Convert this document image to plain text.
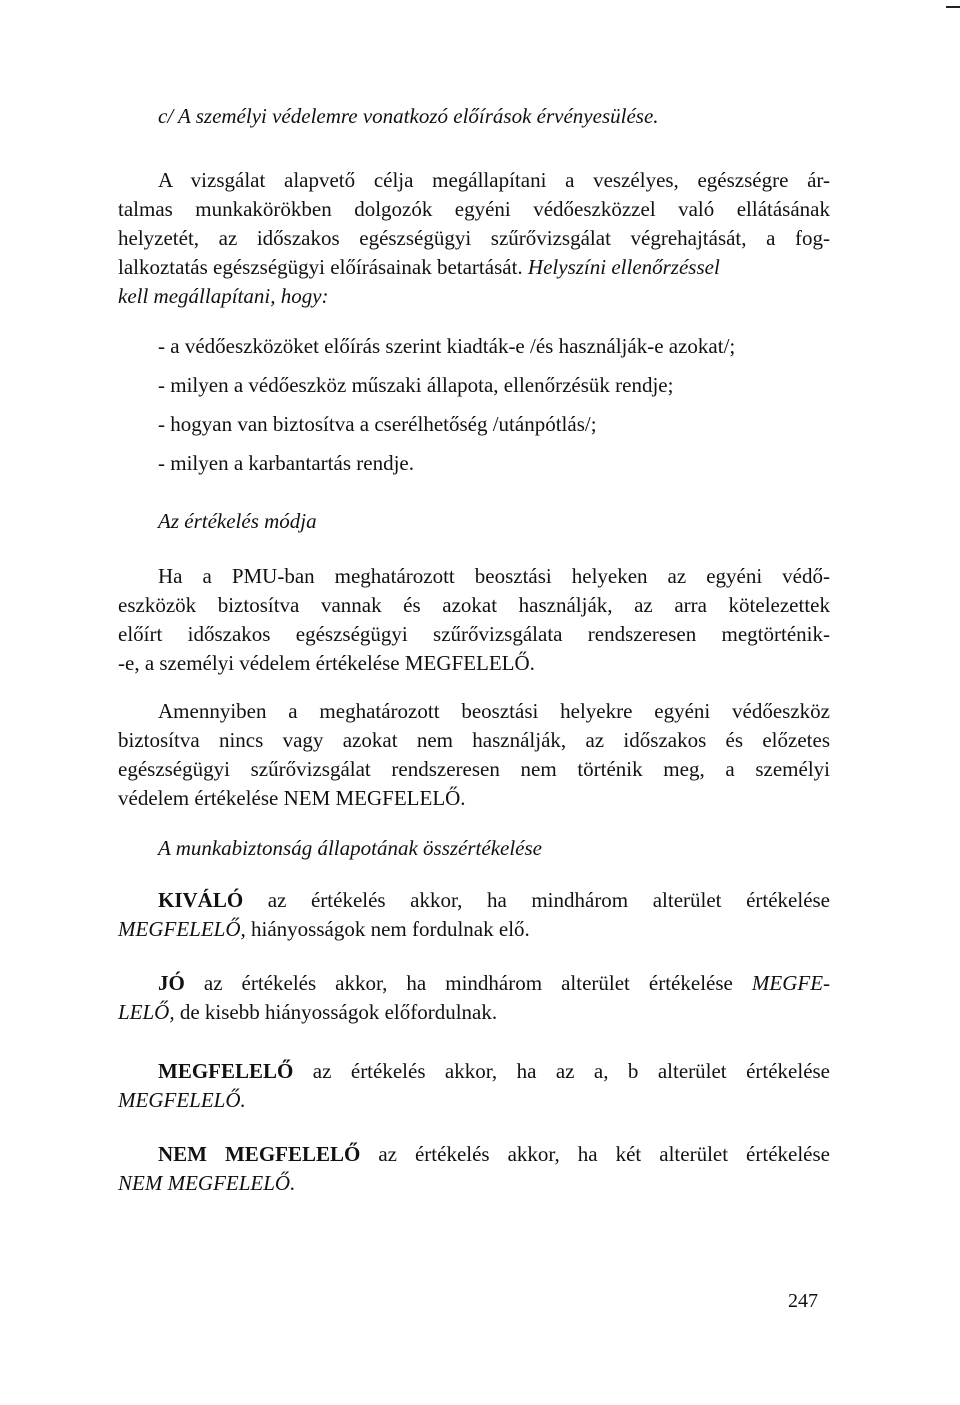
c/ A személyi védelemre vonatkozó előírások érvényesülése.
A vizsgálat alapvető célja megállapítani a veszélyes, egészségre ár-
talmas munkakörökben dolgozók egyéni védőeszközzel való ellátásának
helyzetét, az időszakos egészségügyi szűrővizsgálat végrehajtását, a fog-
lalkoztatás egészségügyi előírásainak betartását. Helyszíni ellenőrzéssel
kell megállapítani, hogy:
- a védőeszközöket előírás szerint kiadták-e /és használják-e azokat/;
- milyen a védőeszköz műszaki állapota, ellenőrzésük rendje;
- hogyan van biztosítva a cserélhetőség /utánpótlás/;
- milyen a karbantartás rendje.
Az értékelés módja
Ha a PMU-ban meghatározott beosztási helyeken az egyéni védő-
eszközök biztosítva vannak és azokat használják, az arra kötelezettek
előírt időszakos egészségügyi szűrővizsgálata rendszeresen megtörténik-
-e, a személyi védelem értékelése MEGFELELŐ.
Amennyiben a meghatározott beosztási helyekre egyéni védőeszköz
biztosítva nincs vagy azokat nem használják, az időszakos és előzetes
egészségügyi szűrővizsgálat rendszeresen nem történik meg, a személyi
védelem értékelése NEM MEGFELELŐ.
A munkabiztonság állapotának összértékelése
KIVÁLÓ az értékelés akkor, ha mindhárom alterület értékelése
MEGFELELŐ, hiányosságok nem fordulnak elő.
JÓ az értékelés akkor, ha mindhárom alterület értékelése MEGFE-
LELŐ, de kisebb hiányosságok előfordulnak.
MEGFELELŐ az értékelés akkor, ha az a, b alterület értékelése
MEGFELELŐ.
NEM MEGFELELŐ az értékelés akkor, ha két alterület értékelése
NEM MEGFELELŐ.
247
